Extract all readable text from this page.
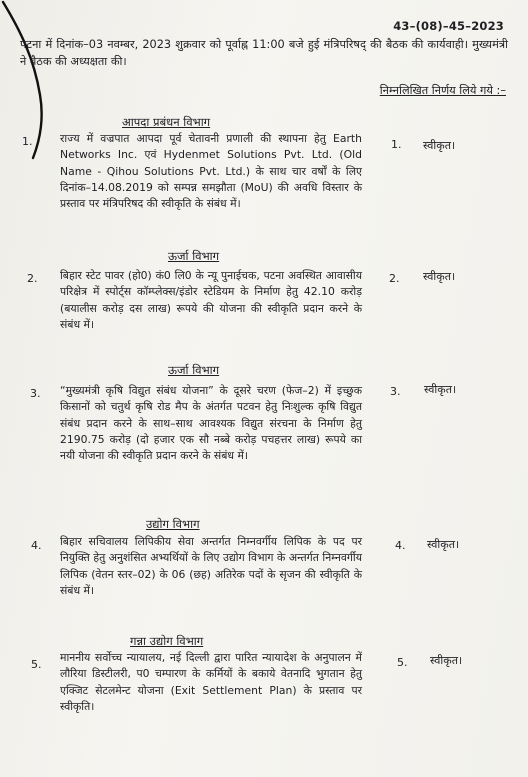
43–(08)–45–2023
पटना में दिनांक–03 नवम्बर, 2023 शुक्रवार को पूर्वाह्न 11:00 बजे हुई मंत्रिपरिषद् की बैठक की कार्यवाही। मुख्यमंत्री ने बैठक की अध्यक्षता की।
निम्नलिखित निर्णय लिये गये :–
आपदा प्रबंधन विभाग
1.	राज्य में वज्रपात आपदा पूर्व चेतावनी प्रणाली की स्थापना हेतु Earth Networks Inc. एवं Hydenmet Solutions Pvt. Ltd. (Old Name - Qihou Solutions Pvt. Ltd.) के साथ चार वर्षों के लिए दिनांक–14.08.2019 को सम्पन्न समझौता (MoU) की अवधि विस्तार के प्रस्ताव पर मंत्रिपरिषद की स्वीकृति के संबंध में।
1. स्वीकृत।
ऊर्जा विभाग
2. बिहार स्टेट पावर (हो0) कं0 लि0 के न्यू पुनाईचक, पटना अवस्थित आवासीय परिक्षेत्र में स्पोर्ट्स कॉम्प्लेक्स/इंडोर स्टेडियम के निर्माण हेतु 42.10 करोड़ (बयालीस करोड़ दस लाख) रूपये की योजना की स्वीकृति प्रदान करने के संबंध में।
2. स्वीकृत।
ऊर्जा विभाग
3. “मुख्यमंत्री कृषि विद्युत संबंध योजना” के दूसरे चरण (फेज–2) में इच्छुक किसानों को चतुर्थ कृषि रोड मैप के अंतर्गत पटवन हेतु निःशुल्क कृषि विद्युत संबंध प्रदान करने के साथ–साथ आवश्यक विद्युत संरचना के निर्माण हेतु 2190.75 करोड़ (दो हजार एक सौ नब्बे करोड़ पचहत्तर लाख) रूपये का नयी योजना की स्वीकृति प्रदान करने के संबंध में।
3. स्वीकृत।
उद्योग विभाग
4. बिहार सचिवालय लिपिकीय सेवा अन्तर्गत निम्नवर्गीय लिपिक के पद पर नियुक्ति हेतु अनुशंसित अभ्यर्थियों के लिए उद्योग विभाग के अन्तर्गत निम्नवर्गीय लिपिक (वेतन स्तर–02) के 06 (छह) अतिरेक पदों के सृजन की स्वीकृति के संबंध में।
4. स्वीकृत।
गन्ना उद्योग विभाग
5.
माननीय सर्वोच्च न्यायालय, नई दिल्ली द्वारा पारित न्यायादेश के अनुपालन में लौरिया डिस्टीलरी, प0 चम्पारण के कर्मियों के बकाये वेतनादि भुगतान हेतु एक्जिट सेटलमेन्ट योजना (Exit Settlement Plan) के प्रस्ताव पर स्वीकृति।
5. स्वीकृत।
